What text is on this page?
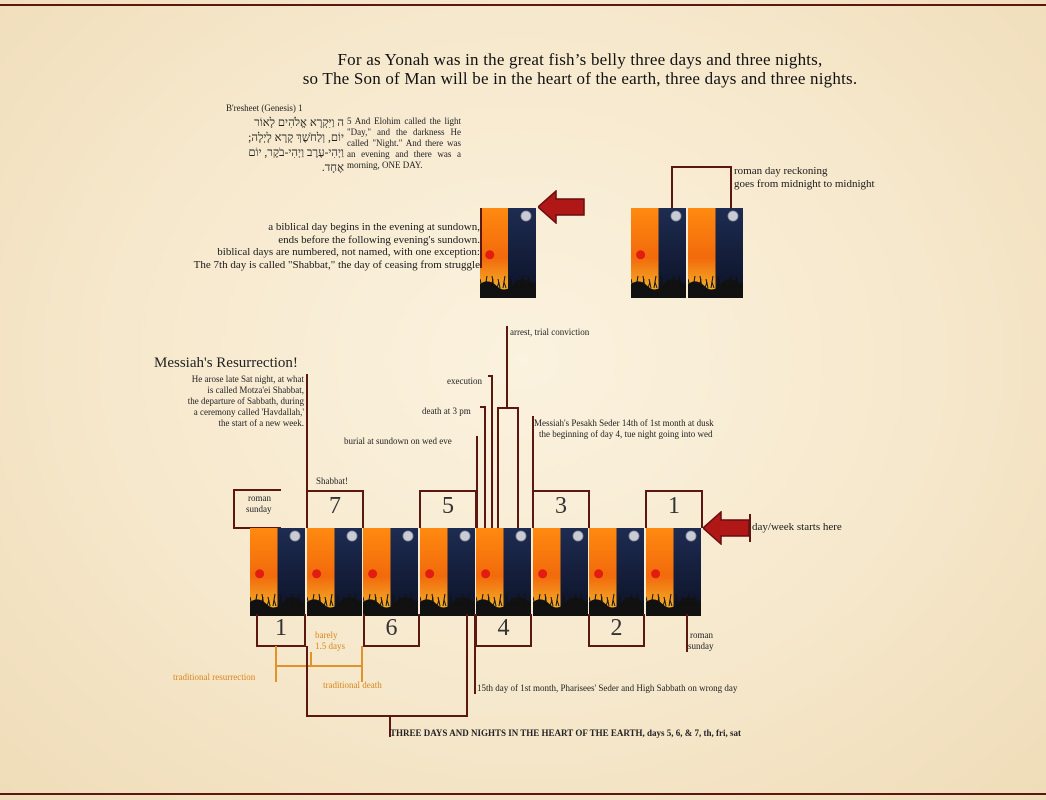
For as Yonah was in the great fish’s belly three days and three nights,
so The Son of Man will be in the heart of the earth, three days and three nights.
B'resheet (Genesis) 1
ה וַיִּקְרָא אֱלֹהִים לָאוֹר
יוֹם, וְלַחֹשֶׁךְ קָרָא לָיְלָה;
וַיְהִי-עֶרֶב וַיְהִי-בֹקֶר, יוֹם
אֶחָד.
5 And Elohim called the light "Day," and the darkness He called "Night." And there was an evening and there was a morning, ONE DAY.
a biblical day begins in the evening at sundown,
ends before the following evening's sundown.
biblical days are numbered, not named, with one exception:
The 7th day is called "Shabbat," the day of ceasing from struggle
roman day reckoning
goes from midnight to midnight
Messiah's Resurrection!
He arose late Sat night, at what
is called Motza'ei Shabbat,
the departure of Sabbath, during
a ceremony called 'Havdallah,'
the start of a new week.
arrest, trial conviction
execution
death at 3 pm
burial at sundown on wed eve
Messiah's Pesakh Seder 14th of 1st month at dusk
the beginning of day 4, tue night going into wed
Shabbat!
roman
sunday	7	5	3	1
day/week starts here
1	6	4	2	roman
sunday
barely
1.5 days
traditional resurrection
traditional death	15th day of 1st month, Pharisees' Seder and High Sabbath on wrong day
THREE DAYS AND NIGHTS IN THE HEART OF THE EARTH, days 5, 6, & 7, th, fri, sat
